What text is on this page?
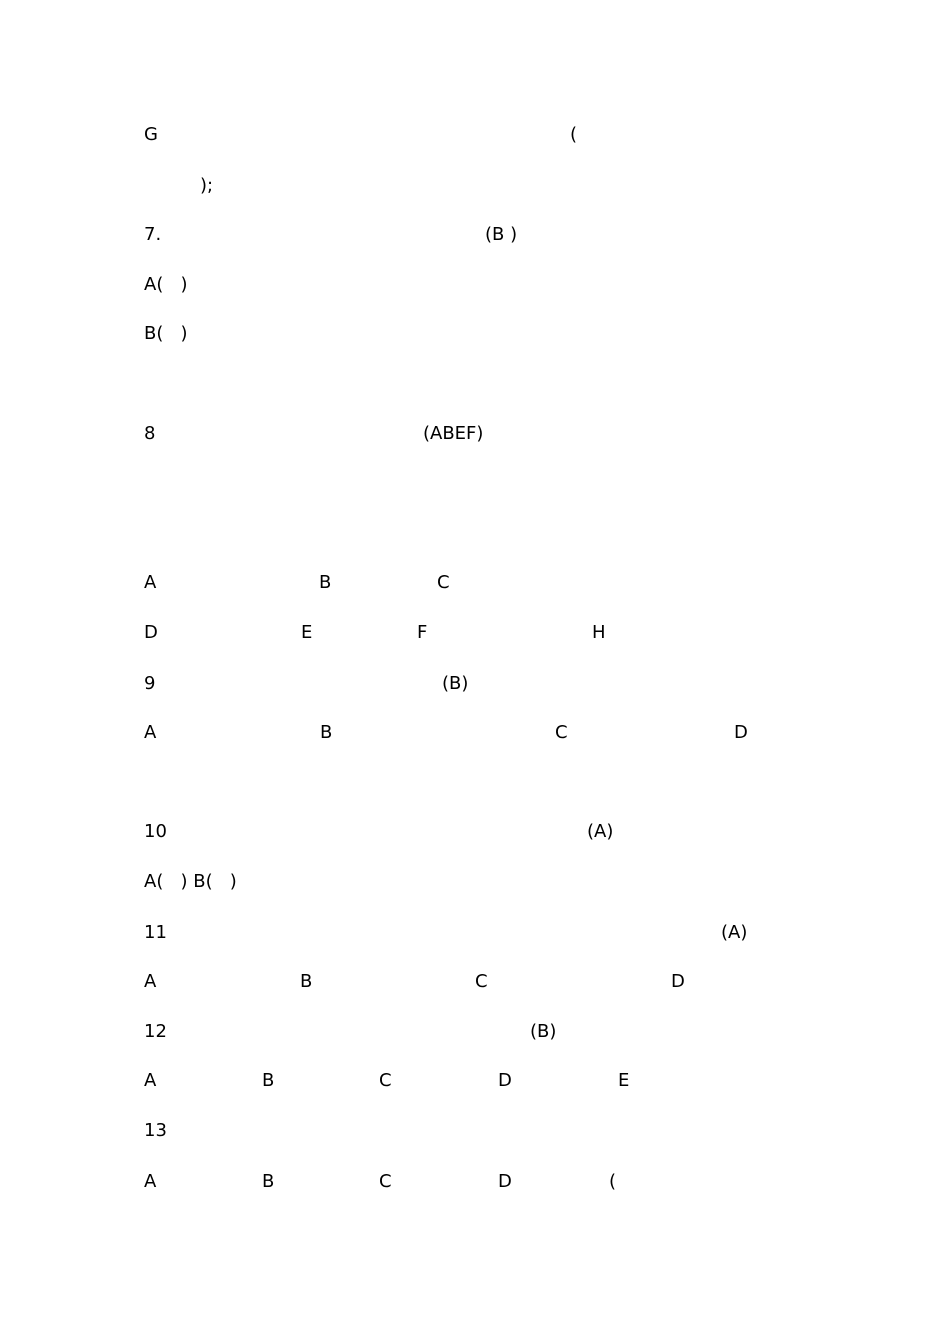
G	(
);
7.	(B )
A(   )
B(   )
8	(ABEF)
A	B	C
D	E	F	H
9	(B)
A	B	C	D
10	(A)
A(   ) B(   )
11	(A)
A	B	C	D
12	(B)
A	B	C	D	E
13
A	B	C	D	(
